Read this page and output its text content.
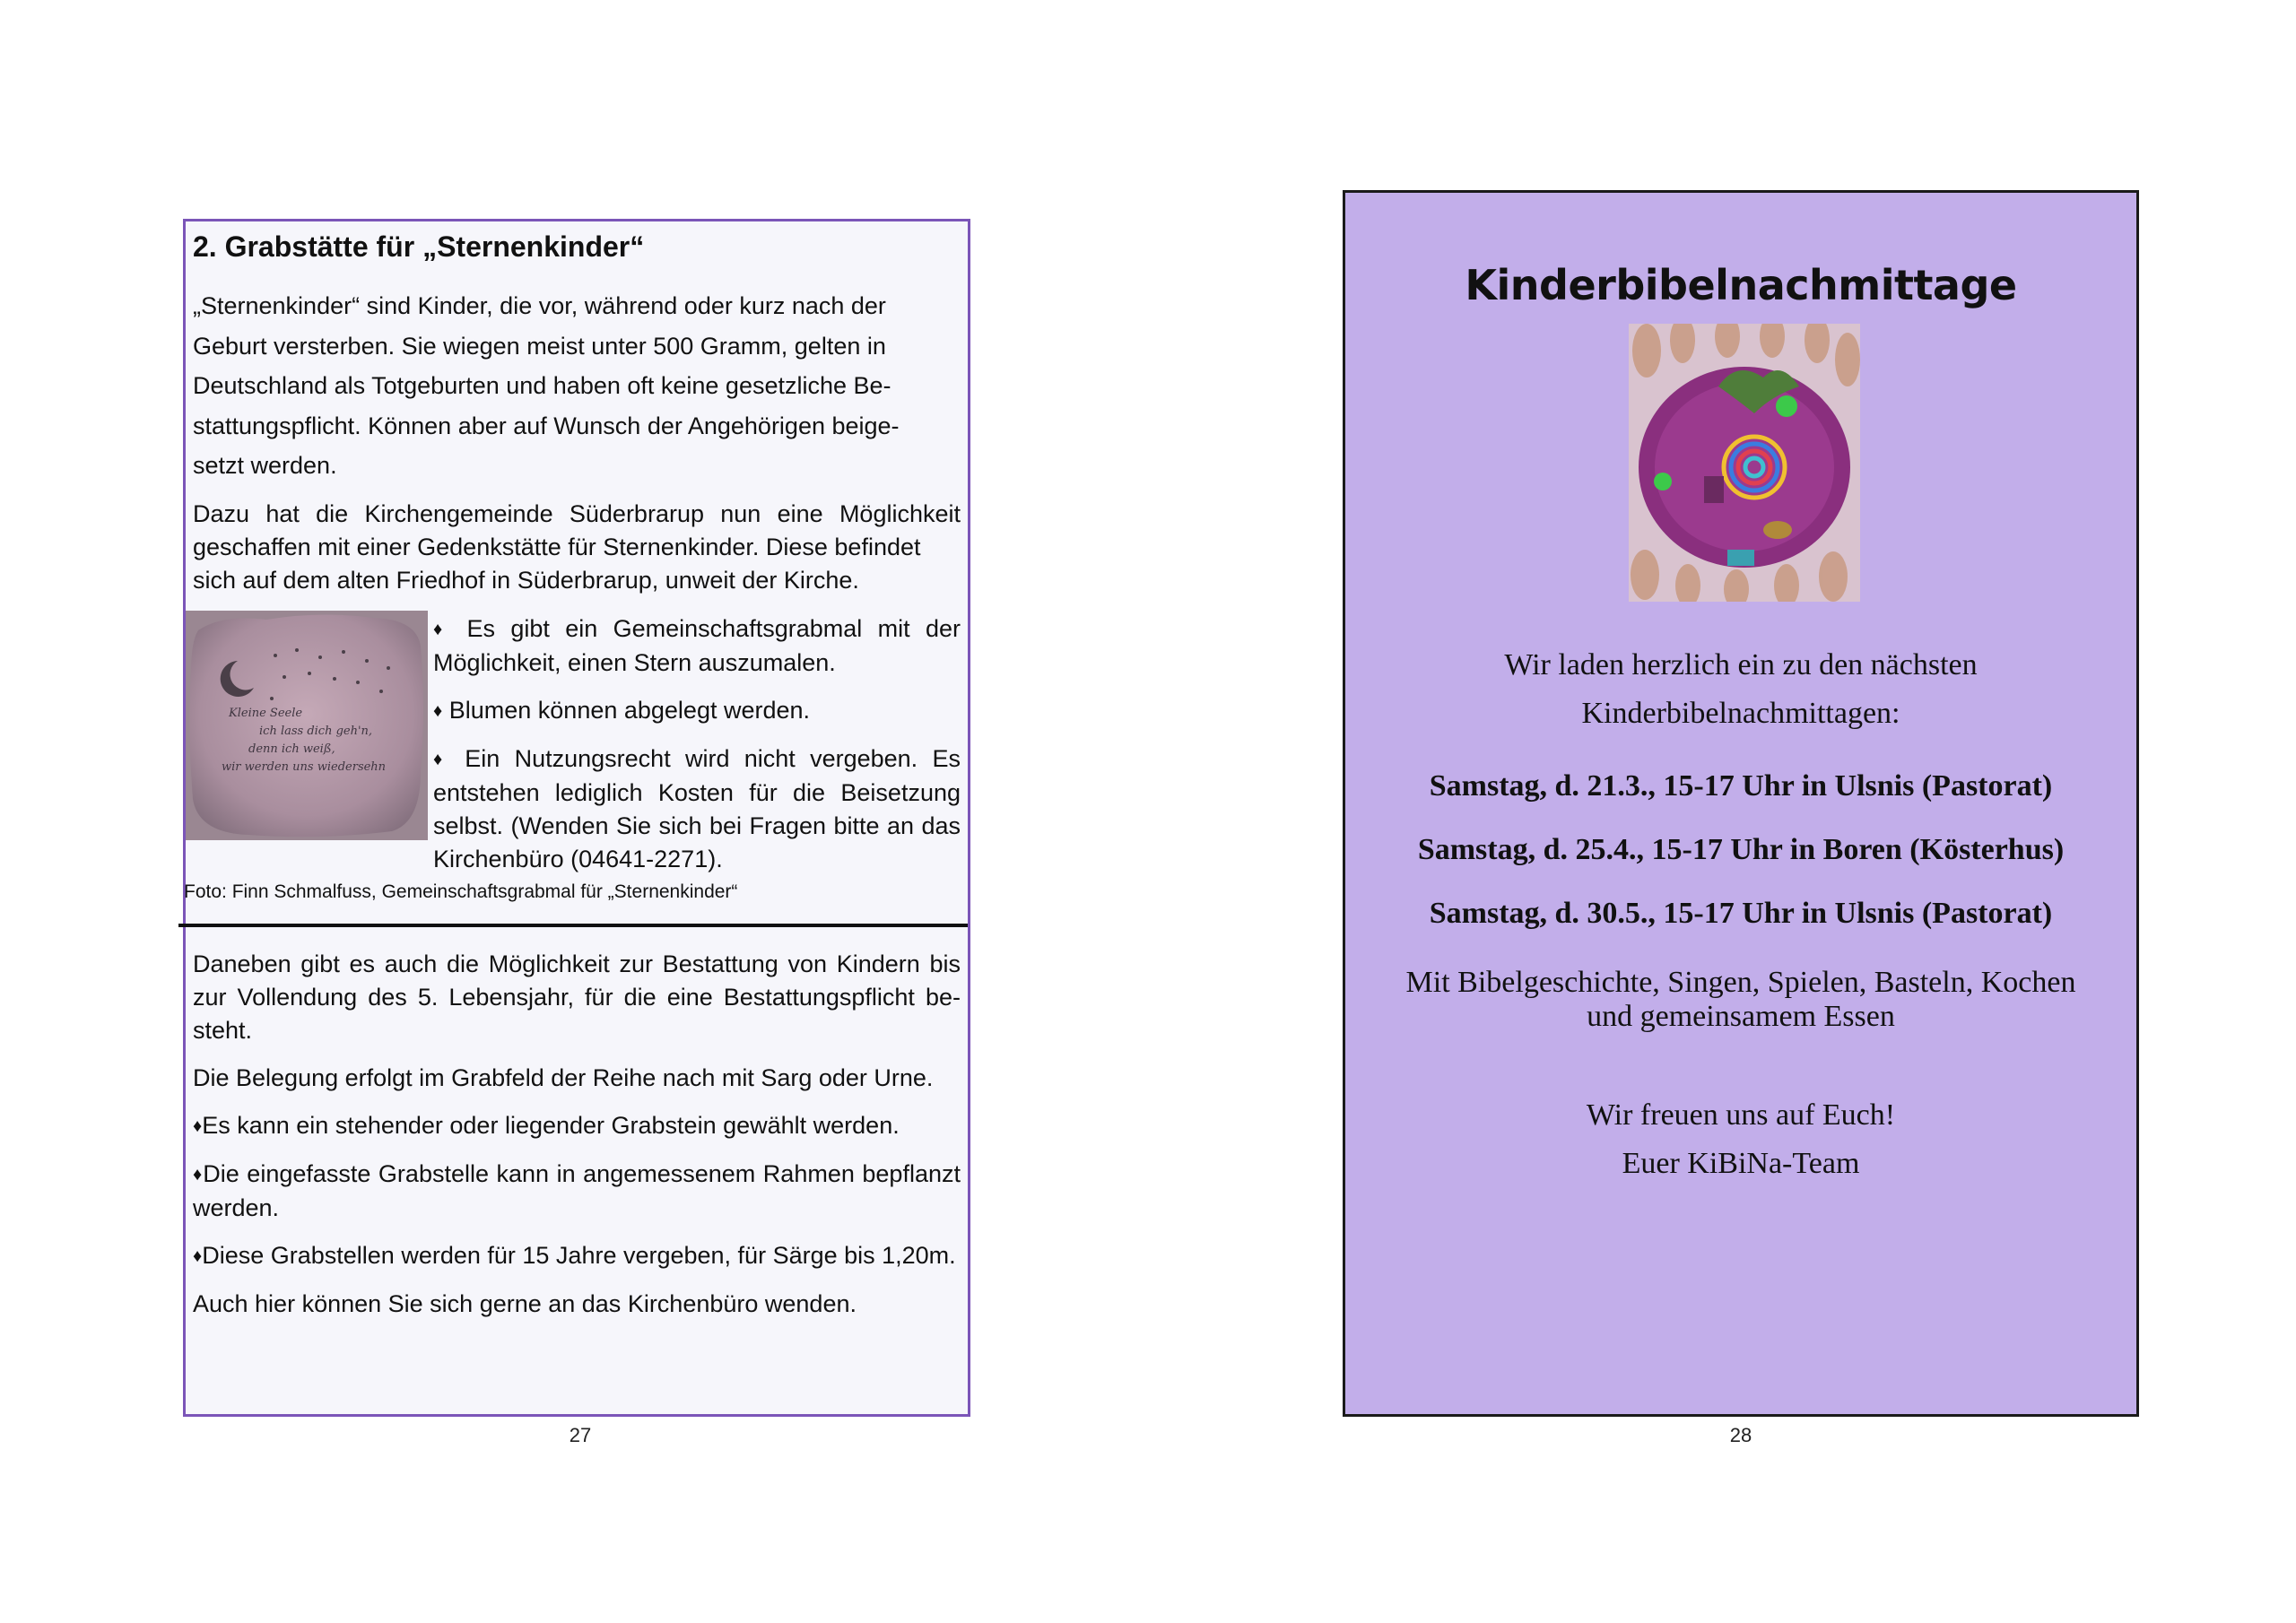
2. Grabstätte für „Sternenkinder“
„Sternenkinder“ sind Kinder, die vor, während oder kurz nach der
Geburt versterben. Sie wiegen meist unter 500 Gramm, gelten in
Deutschland als Totgeburten und haben oft keine gesetzliche Be-
stattungspflicht. Können aber auf Wunsch der Angehörigen beige-
setzt werden.
Dazu hat die Kirchengemeinde Süderbrarup nun eine Möglichkeit geschaffen mit einer Gedenkstätte für Sternenkinder. Diese befindet
sich auf dem alten Friedhof in Süderbrarup, unweit der Kirche.
Kleine Seele
ich lass dich geh'n,
denn ich weiß,
wir werden uns wiedersehn

♦ Es gibt ein Gemeinschaftsgrabmal mit der Möglichkeit, einen Stern auszumalen.

♦ Blumen können abgelegt werden.

♦ Ein Nutzungsrecht wird nicht vergeben. Es entstehen lediglich Kosten für die Beisetzung selbst. (Wenden Sie sich bei Fragen bitte an das Kirchenbüro (04641-2271).

Foto: Finn Schmalfuss, Gemeinschaftsgrabmal für „Sternenkinder“

Daneben gibt es auch die Möglichkeit zur Bestattung von Kindern bis zur Vollendung des 5. Lebensjahr, für die eine Bestattungspflicht be-steht.

Die Belegung erfolgt im Grabfeld der Reihe nach mit Sarg oder Urne.

♦Es kann ein stehender oder liegender Grabstein gewählt werden.

♦Die eingefasste Grabstelle kann in angemessenem Rahmen bepflanzt werden.

♦Diese Grabstellen werden für 15 Jahre vergeben, für Särge bis 1,20m.

Auch hier können Sie sich gerne an das Kirchenbüro wenden.

27
Kinderbibelnachmittage
Wir laden herzlich ein zu den nächsten
Kinderbibelnachmittagen:
Samstag, d. 21.3., 15-17 Uhr in Ulsnis (Pastorat)
Samstag, d. 25.4., 15-17 Uhr in Boren (Kösterhus)
Samstag, d. 30.5., 15-17 Uhr in Ulsnis (Pastorat)
Mit Bibelgeschichte, Singen, Spielen, Basteln, Kochen
und gemeinsamem Essen
Wir freuen uns auf Euch!
Euer KiBiNa-Team
28
